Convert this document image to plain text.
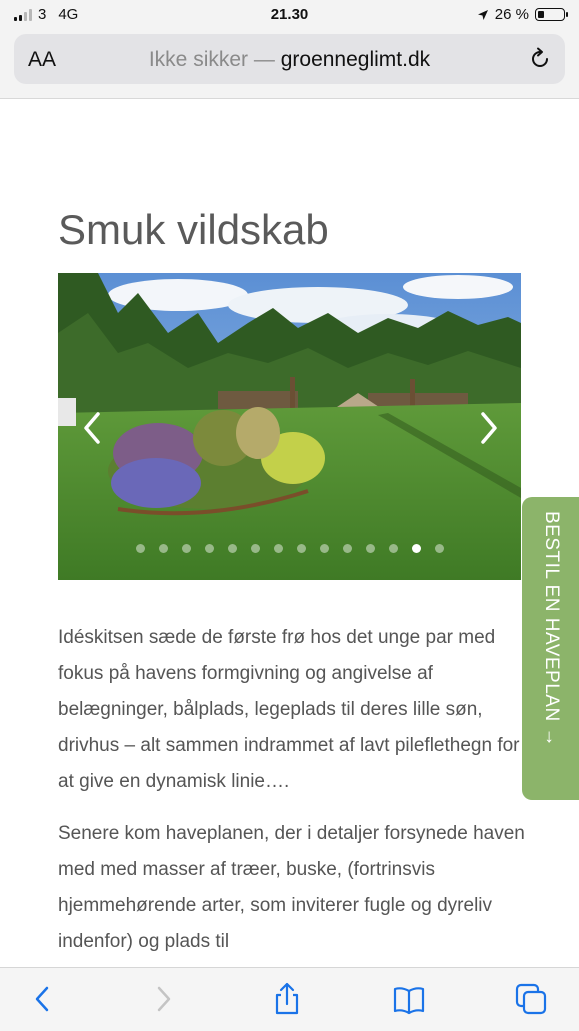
3 4G	21.30	26 %
AA	Ikke sikker — groenneglimt.dk
Smuk vildskab

Idéskitsen sæde de første frø hos det unge par med fokus på havens formgivning og angivelse af belægninger, bålplads, legeplads til deres lille søn, drivhus – alt sammen indrammet af lavt pileflethegn for at give en dynamisk linie….

Senere kom haveplanen, der i detaljer forsynede haven med med masser af træer, buske, (fortrinsvis hjemmehørende arter, som inviterer fugle og dyreliv indenfor) og plads til

BESTIL EN HAVEPLAN →
